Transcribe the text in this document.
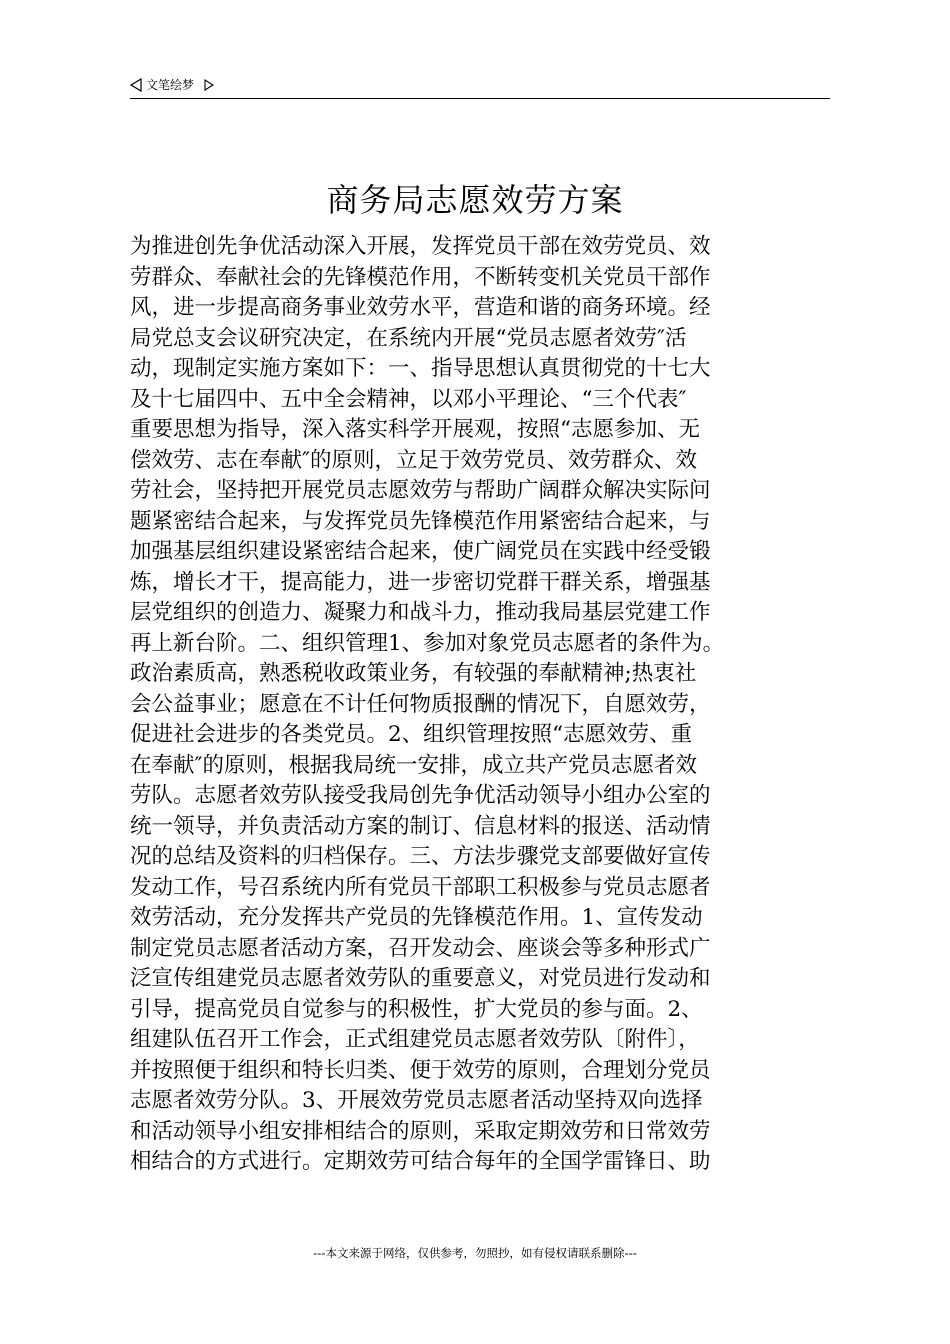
文笔绘梦
商务局志愿效劳方案
为推进创先争优活动深入开展，发挥党员干部在效劳党员、效
劳群众、奉献社会的先锋模范作用，不断转变机关党员干部作
风，进一步提高商务事业效劳水平，营造和谐的商务环境。经
局党总支会议研究决定，在系统内开展“党员志愿者效劳″活
动，现制定实施方案如下：一、指导思想认真贯彻党的十七大
及十七届四中、五中全会精神，以邓小平理论、“三个代表″
重要思想为指导，深入落实科学开展观，按照“志愿参加、无
偿效劳、志在奉献″的原则，立足于效劳党员、效劳群众、效
劳社会，坚持把开展党员志愿效劳与帮助广阔群众解决实际问
题紧密结合起来，与发挥党员先锋模范作用紧密结合起来，与
加强基层组织建设紧密结合起来，使广阔党员在实践中经受锻
炼，增长才干，提高能力，进一步密切党群干群关系，增强基
层党组织的创造力、凝聚力和战斗力，推动我局基层党建工作
再上新台阶。二、组织管理1、参加对象党员志愿者的条件为。
政治素质高，熟悉税收政策业务，有较强的奉献精神;热衷社
会公益事业；愿意在不计任何物质报酬的情况下，自愿效劳，
促进社会进步的各类党员。2、组织管理按照“志愿效劳、重
在奉献″的原则，根据我局统一安排，成立共产党员志愿者效
劳队。志愿者效劳队接受我局创先争优活动领导小组办公室的
统一领导，并负责活动方案的制订、信息材料的报送、活动情
况的总结及资料的归档保存。三、方法步骤党支部要做好宣传
发动工作，号召系统内所有党员干部职工积极参与党员志愿者
效劳活动，充分发挥共产党员的先锋模范作用。1、宣传发动
制定党员志愿者活动方案，召开发动会、座谈会等多种形式广
泛宣传组建党员志愿者效劳队的重要意义，对党员进行发动和
引导，提高党员自觉参与的积极性，扩大党员的参与面。2、
组建队伍召开工作会，正式组建党员志愿者效劳队〔附件〕，
并按照便于组织和特长归类、便于效劳的原则，合理划分党员
志愿者效劳分队。3、开展效劳党员志愿者活动坚持双向选择
和活动领导小组安排相结合的原则，采取定期效劳和日常效劳
相结合的方式进行。定期效劳可结合每年的全国学雷锋日、助
---本文来源于网络，仅供参考，勿照抄，如有侵权请联系删除---
